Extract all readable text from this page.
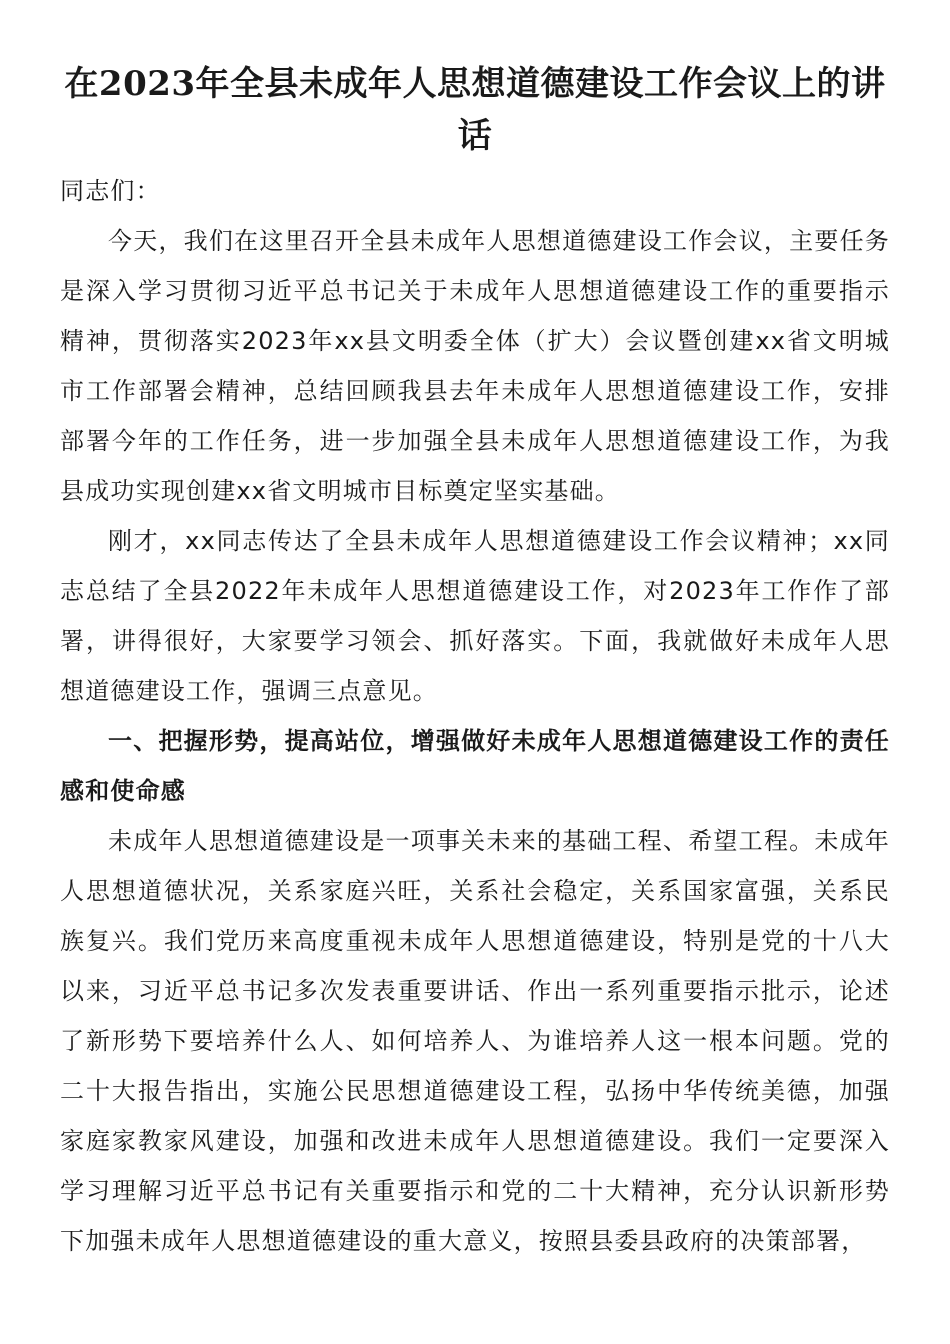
在2023年全县未成年人思想道德建设工作会议上的讲话

同志们：

今天，我们在这里召开全县未成年人思想道德建设工作会议，主要任务是深入学习贯彻习近平总书记关于未成年人思想道德建设工作的重要指示精神，贯彻落实2023年xx县文明委全体（扩大）会议暨创建xx省文明城市工作部署会精神，总结回顾我县去年未成年人思想道德建设工作，安排部署今年的工作任务，进一步加强全县未成年人思想道德建设工作，为我县成功实现创建xx省文明城市目标奠定坚实基础。

刚才，xx同志传达了全县未成年人思想道德建设工作会议精神；xx同志总结了全县2022年未成年人思想道德建设工作，对2023年工作作了部署，讲得很好，大家要学习领会、抓好落实。下面，我就做好未成年人思想道德建设工作，强调三点意见。

一、把握形势，提高站位，增强做好未成年人思想道德建设工作的责任感和使命感

未成年人思想道德建设是一项事关未来的基础工程、希望工程。未成年人思想道德状况，关系家庭兴旺，关系社会稳定，关系国家富强，关系民族复兴。我们党历来高度重视未成年人思想道德建设，特别是党的十八大以来，习近平总书记多次发表重要讲话、作出一系列重要指示批示，论述了新形势下要培养什么人、如何培养人、为谁培养人这一根本问题。党的二十大报告指出，实施公民思想道德建设工程，弘扬中华传统美德，加强家庭家教家风建设，加强和改进未成年人思想道德建设。我们一定要深入学习理解习近平总书记有关重要指示和党的二十大精神，充分认识新形势下加强未成年人思想道德建设的重大意义，按照县委县政府的决策部署，
